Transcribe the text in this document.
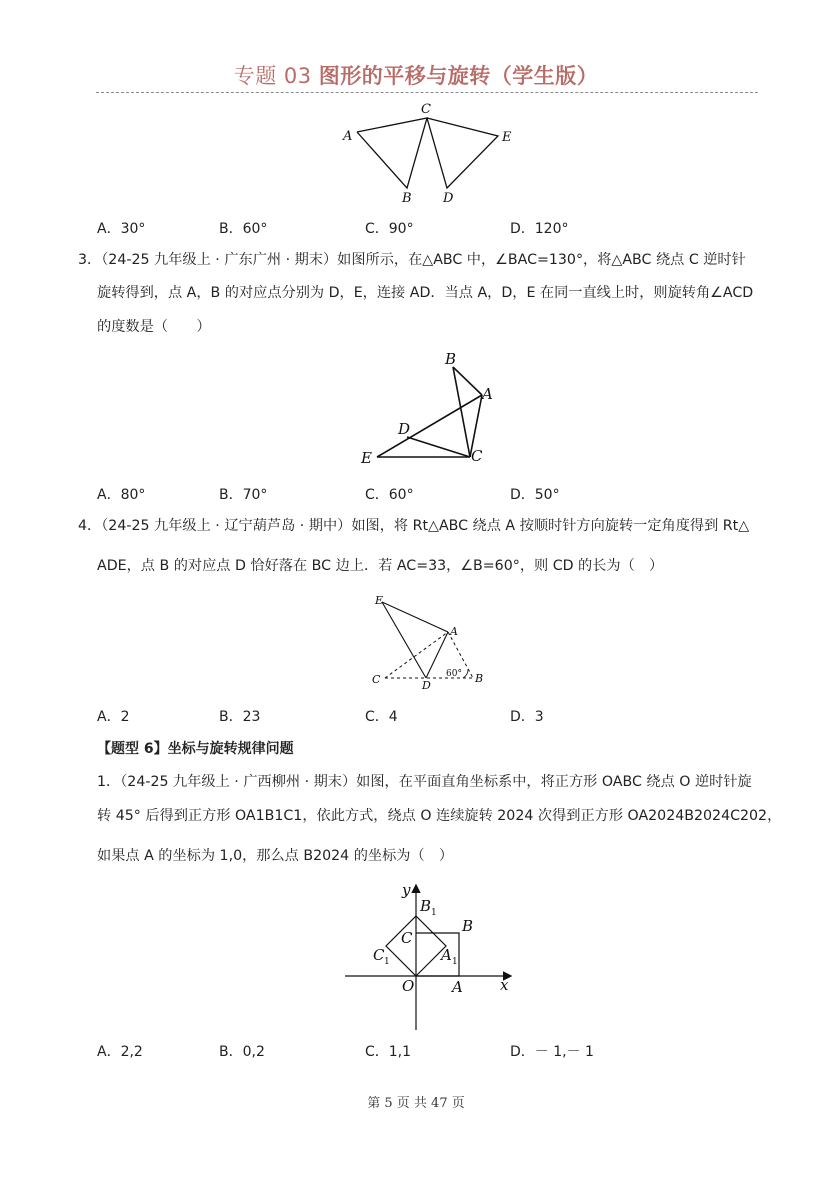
专题 03 图形的平移与旋转（学生版）
A
C
E
B D
A．30°	B．60°	C．90°	D．120°
3．（24-25 九年级上 · 广东广州 · 期末）如图所示，在△ABC 中，∠BAC=130°，将△ABC 绕点 C 逆时针
旋转得到，点 A，B 的对应点分别为 D，E，连接 AD．当点 A，D，E 在同一直线上时，则旋转角∠ACD
的度数是（　　）
B
A
D
E	C
A．80°	B．70°	C．60°	D．50°
4．（24-25 九年级上 · 辽宁葫芦岛 · 期中）如图，将 Rt△ABC 绕点 A 按顺时针方向旋转一定角度得到 Rt△
ADE，点 B 的对应点 D 恰好落在 BC 边上．若 AC=33，∠B=60°，则 CD 的长为（　）
E
A
C	D
B
60°
A．2	B．23	C．4	D．3
【题型 6】坐标与旋转规律问题
1．（24-25 九年级上 · 广西柳州 · 期末）如图，在平面直角坐标系中，将正方形 OABC 绕点 O 逆时针旋
转 45° 后得到正方形 OA1B1C1，依此方式，绕点 O 连续旋转 2024 次得到正方形 OA2024B2024C202，
如果点 A 的坐标为 1,0，那么点 B2024 的坐标为（　）
y
x
O	A
B
C
B 1
A 1
C 1
A．2,2	B．0,2	C．1,1	D．－ 1,－ 1
第 5 页 共 47 页
